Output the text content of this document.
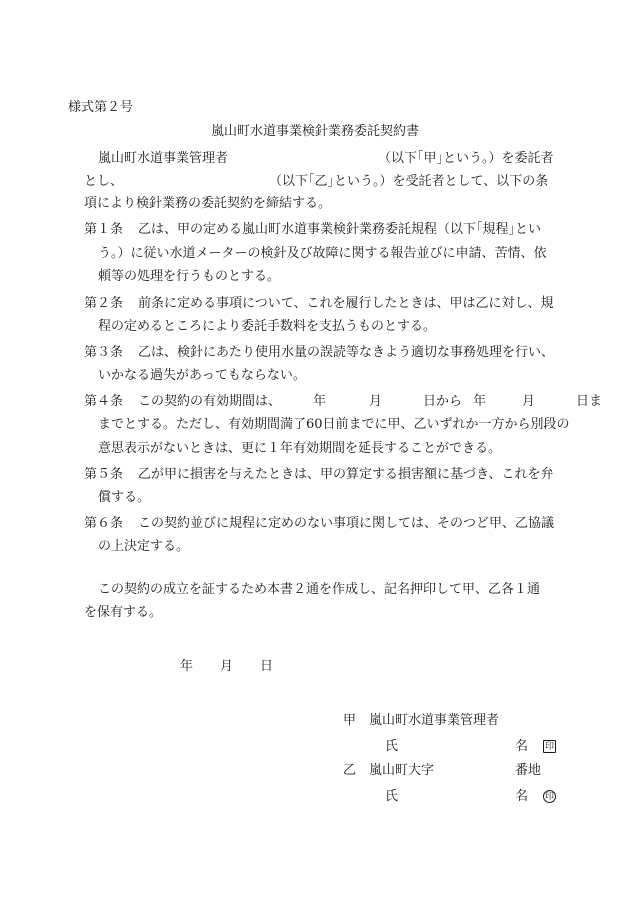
様式第２号
嵐山町水道事業検針業務委託契約書
嵐山町水道事業管理者	（以下｢甲｣という。）を委託者
とし、	（以下｢乙｣という。）を受託者として、以下の条
項により検針業務の委託契約を締結する。
第１条 乙は、甲の定める嵐山町水道事業検針業務委託規程（以下｢規程｣とい
う。）に従い水道メーターの検針及び故障に関する報告並びに申請、苦情、依
頼等の処理を行うものとする。
第２条 前条に定める事項について、これを履行したときは、甲は乙に対し、規
程の定めるところにより委託手数料を支払うものとする。
第３条 乙は、検針にあたり使用水量の誤読等なきよう適切な事務処理を行い、
いかなる過失があってもならない。
第４条 この契約の有効期間は、 年	月	日から 年	月	日ま
までとする。ただし、有効期間満了60日前までに甲、乙いずれか一方から別段の
意思表示がないときは、更に１年有効期間を延長することができる。
第５条 乙が甲に損害を与えたときは、甲の算定する損害額に基づき、これを弁
償する。
第６条 この契約並びに規程に定めのない事項に関しては、そのつど甲、乙協議
の上決定する。
この契約の成立を証するため本書２通を作成し、記名押印して甲、乙各１通
を保有する。
年 月 日
甲 嵐山町水道事業管理者
氏	名 印
乙 嵐山町大字	番地
氏	名 印
